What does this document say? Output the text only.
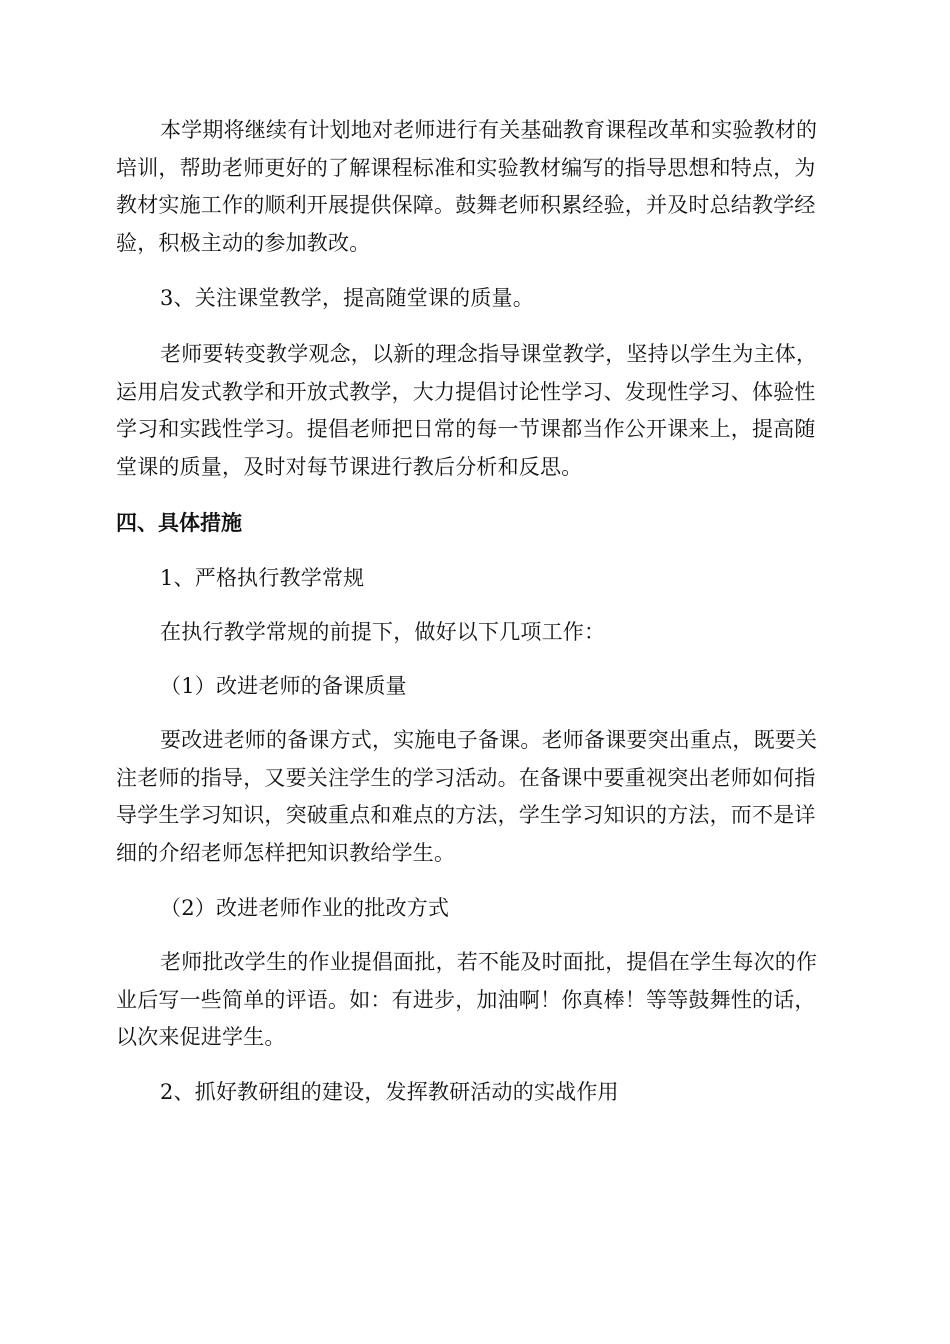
本学期将继续有计划地对老师进行有关基础教育课程改革和实验教材的培训，帮助老师更好的了解课程标准和实验教材编写的指导思想和特点，为教材实施工作的顺利开展提供保障。鼓舞老师积累经验，并及时总结教学经验，积极主动的参加教改。

3、关注课堂教学，提高随堂课的质量。

老师要转变教学观念，以新的理念指导课堂教学，坚持以学生为主体，运用启发式教学和开放式教学，大力提倡讨论性学习、发现性学习、体验性学习和实践性学习。提倡老师把日常的每一节课都当作公开课来上，提高随堂课的质量，及时对每节课进行教后分析和反思。

四、具体措施

1、严格执行教学常规

在执行教学常规的前提下，做好以下几项工作：

（1）改进老师的备课质量

要改进老师的备课方式，实施电子备课。老师备课要突出重点，既要关注老师的指导，又要关注学生的学习活动。在备课中要重视突出老师如何指导学生学习知识，突破重点和难点的方法，学生学习知识的方法，而不是详细的介绍老师怎样把知识教给学生。

（2）改进老师作业的批改方式

老师批改学生的作业提倡面批，若不能及时面批，提倡在学生每次的作业后写一些简单的评语。如：有进步，加油啊！你真棒！等等鼓舞性的话，以次来促进学生。

2、抓好教研组的建设，发挥教研活动的实战作用
